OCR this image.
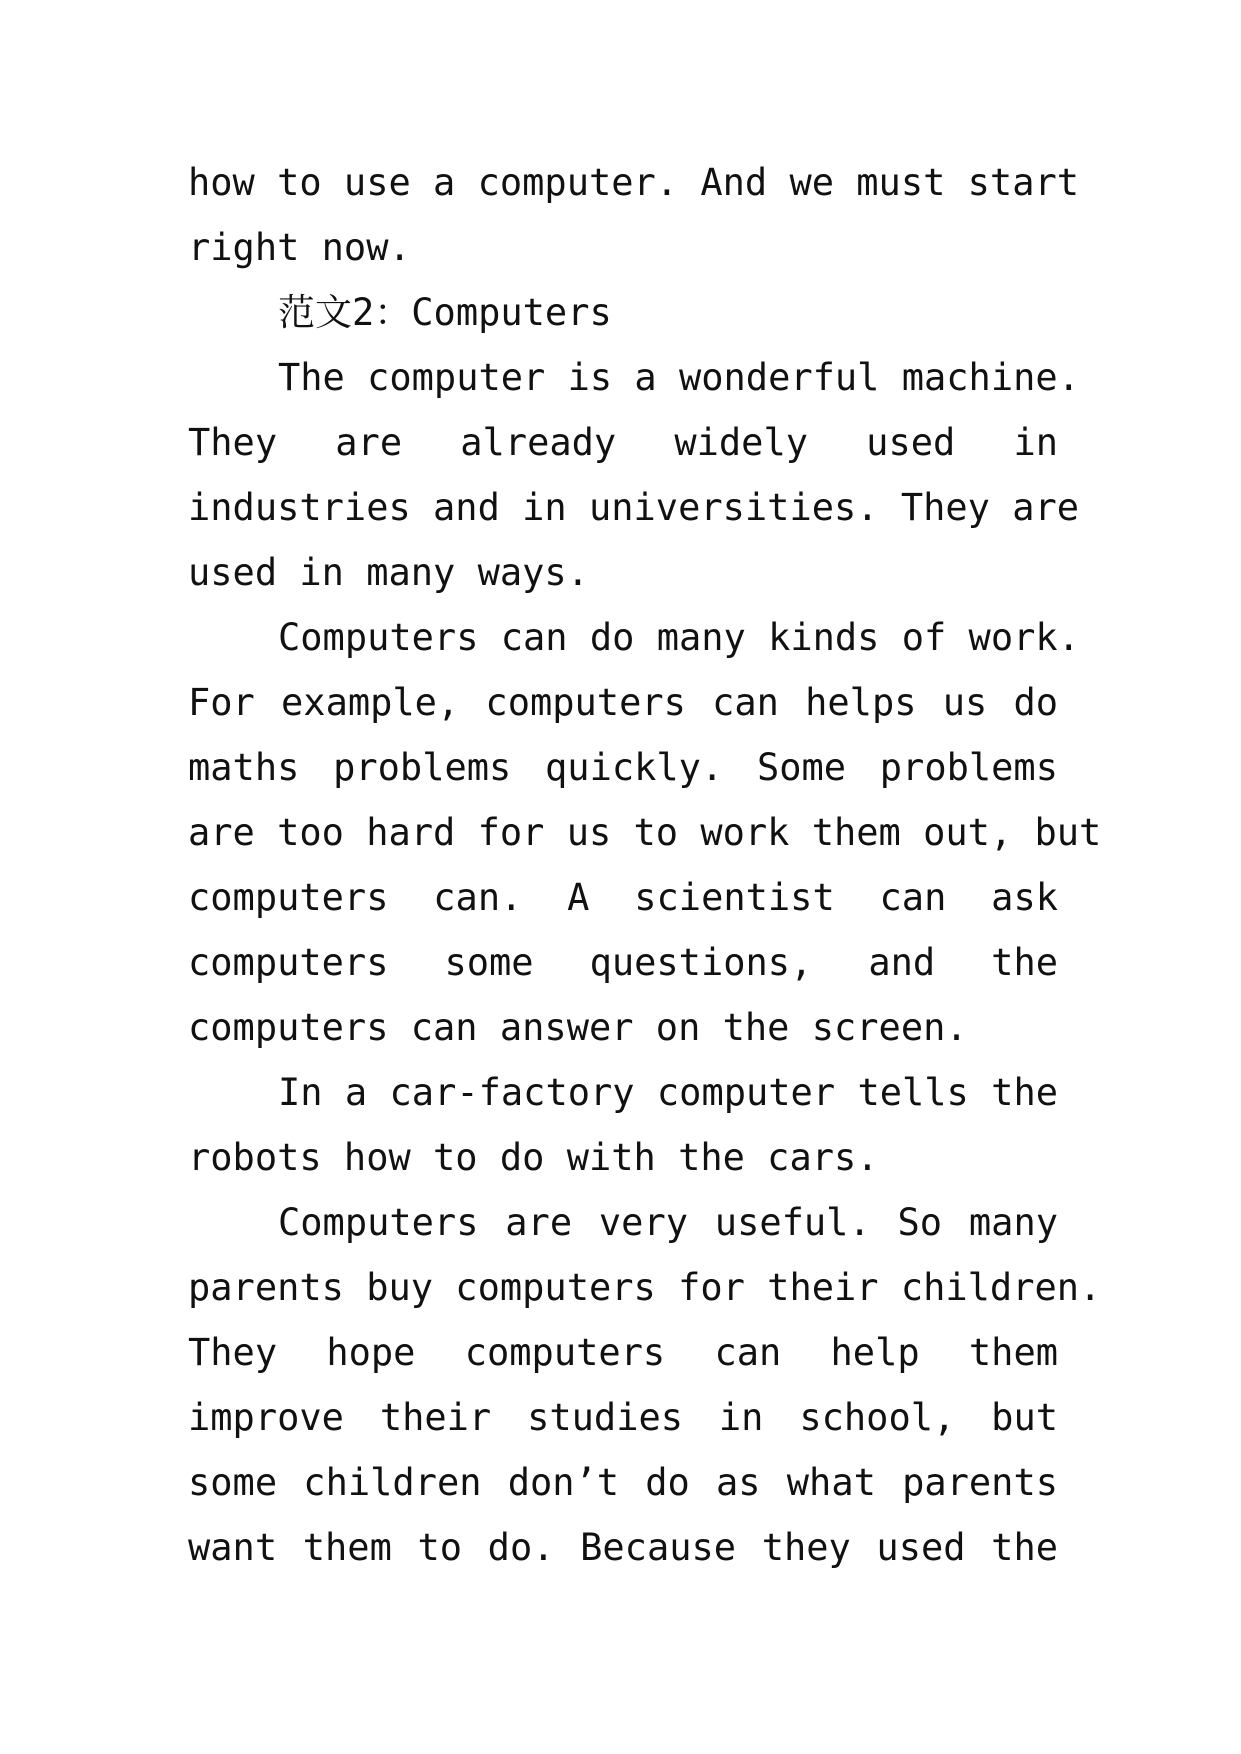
how to use a computer. And we must start
right now.
范文2：Computers
The computer is a wonderful machine.
They are already widely used in
industries and in universities. They are
used in many ways.
Computers can do many kinds of work.
For example, computers can helps us do
maths problems quickly. Some problems
are too hard for us to work them out, but
computers can. A scientist can ask
computers some questions, and the
computers can answer on the screen.
In a car-factory computer tells the
robots how to do with the cars.
Computers are very useful. So many
parents buy computers for their children.
They hope computers can help them
improve their studies in school, but
some children don’t do as what parents
want them to do. Because they used the
